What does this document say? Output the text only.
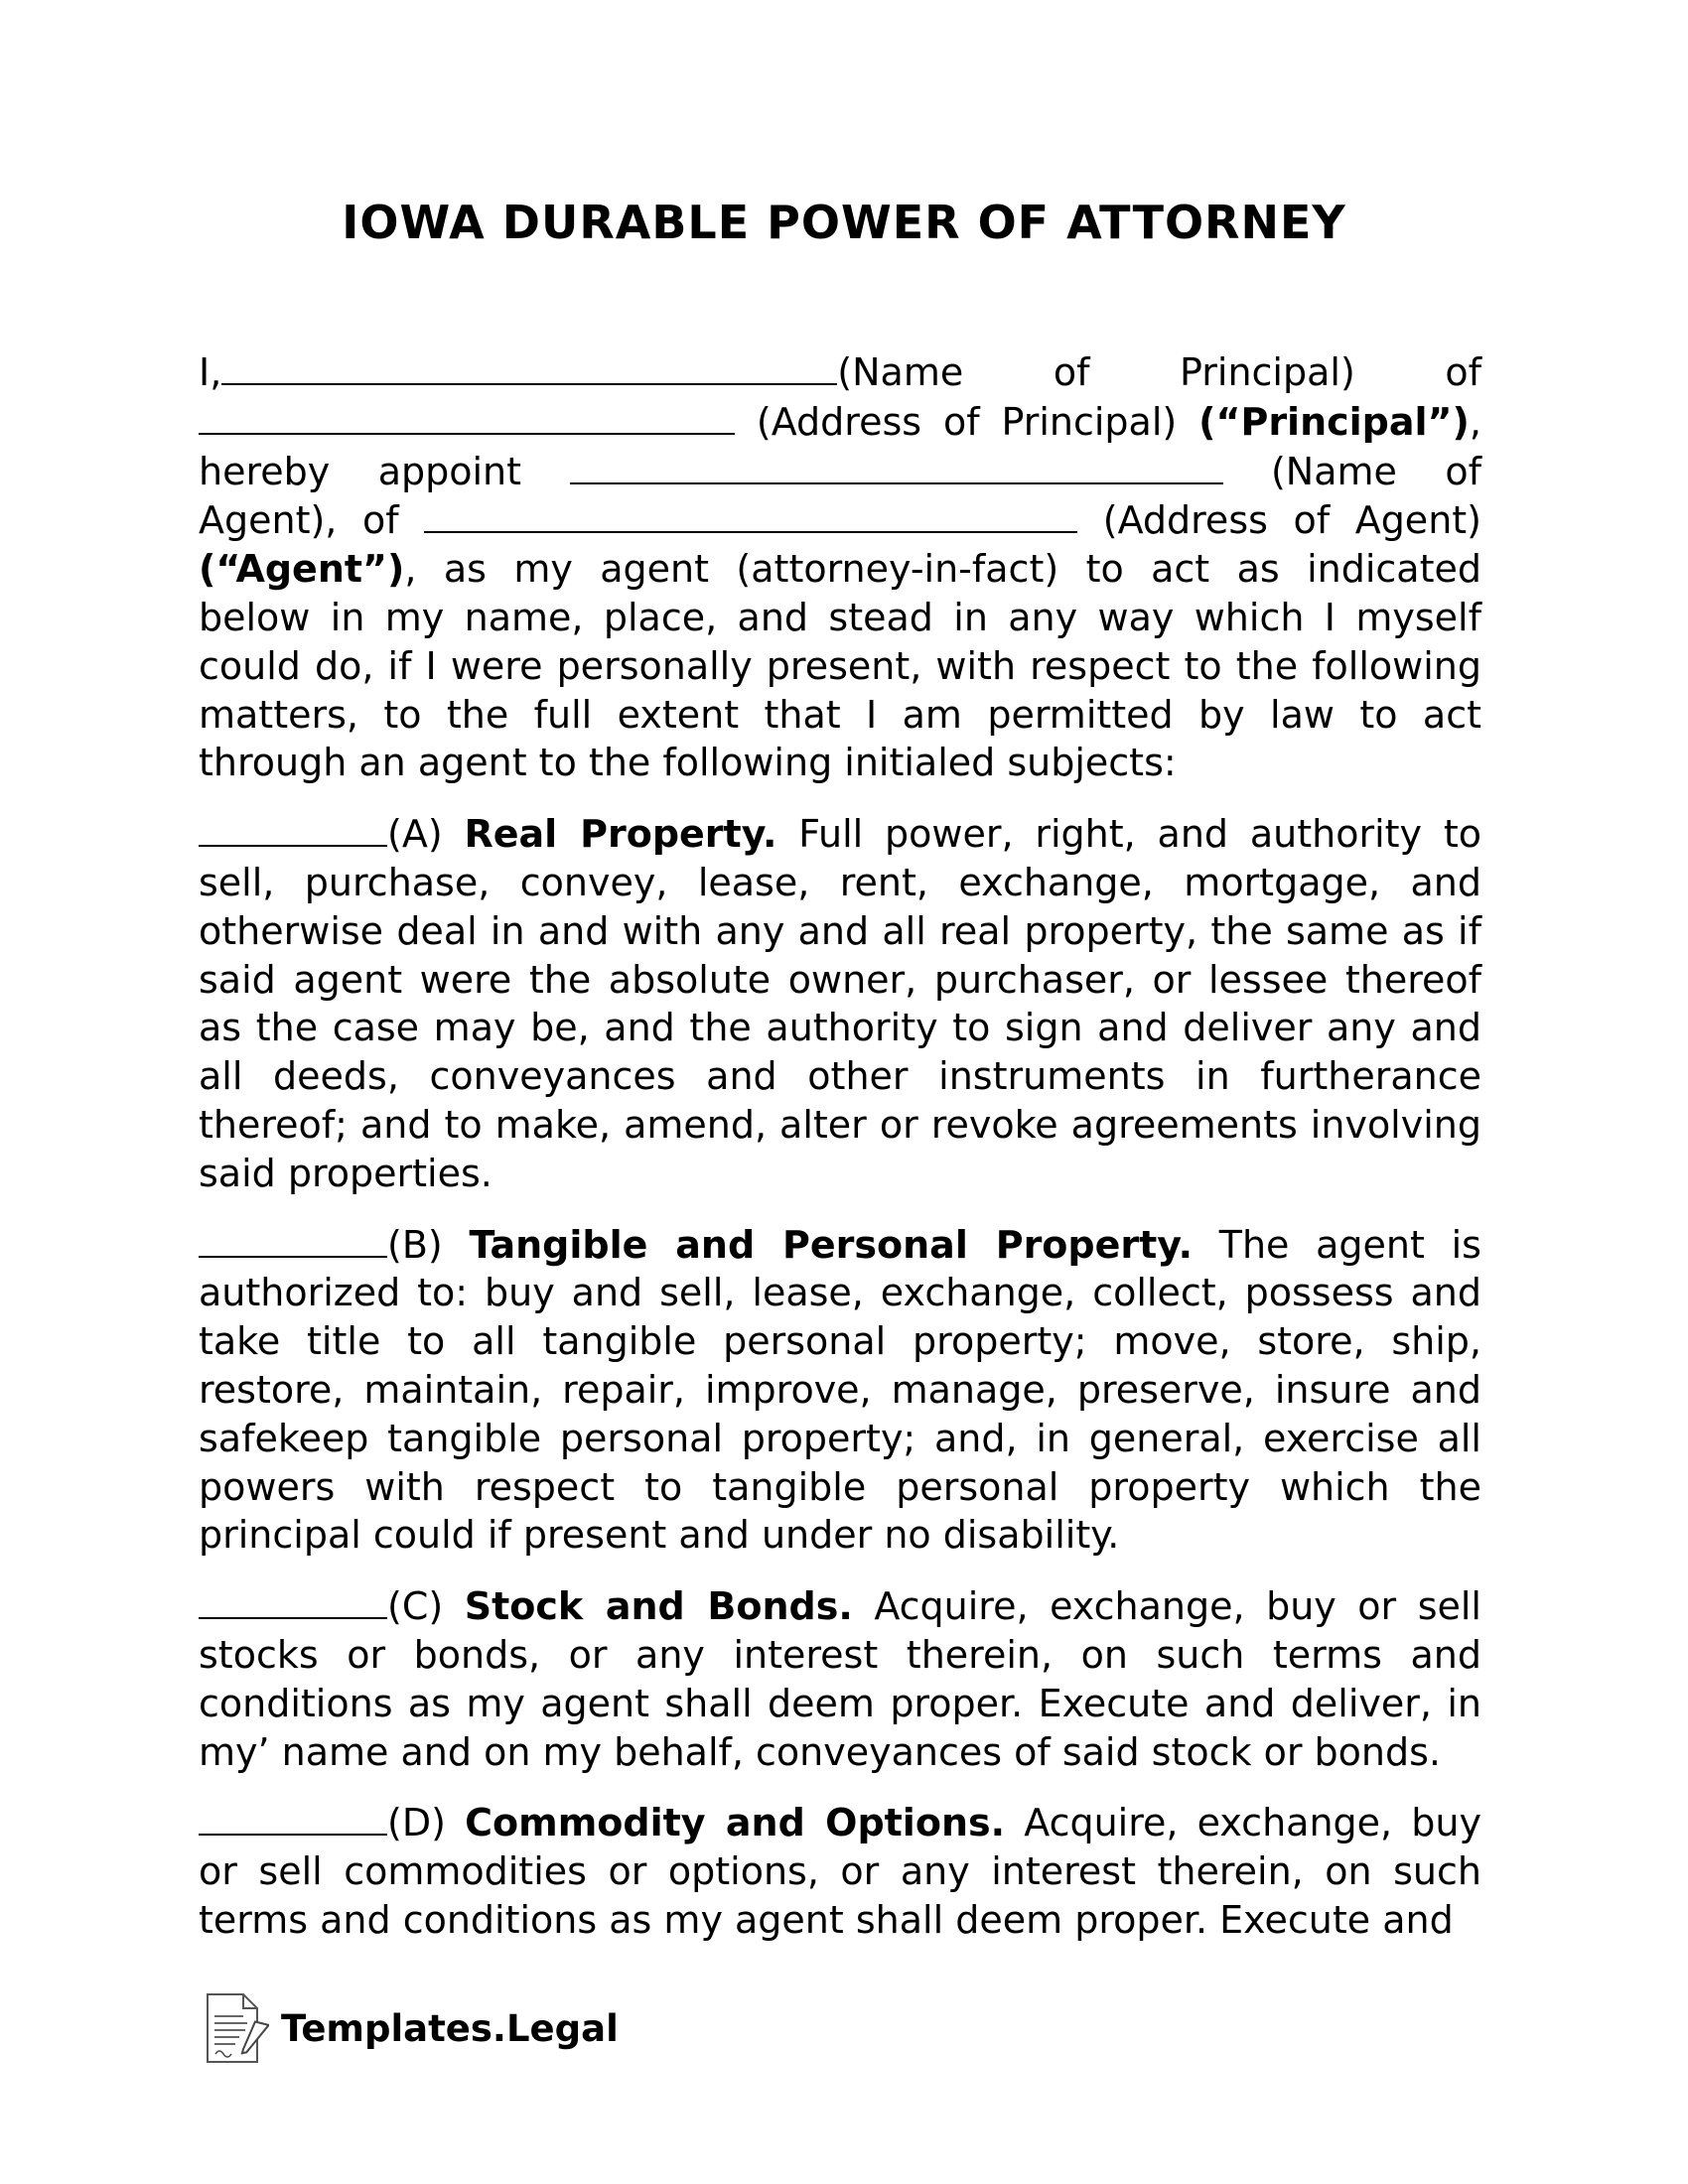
IOWA DURABLE POWER OF ATTORNEY

I,	(Name of Principal) of  (Address of Principal) (“Principal”), hereby appoint	(Name of Agent), of	(Address of Agent) (“Agent”), as my agent (attorney-in-fact) to act as indicated below in my name, place, and stead in any way which I myself could do, if I were personally present, with respect to the following matters, to the full extent that I am permitted by law to act through an agent to the following initialed subjects:

(A) Real Property. Full power, right, and authority to sell, purchase, convey, lease, rent, exchange, mortgage, and otherwise deal in and with any and all real property, the same as if said agent were the absolute owner, purchaser, or lessee thereof as the case may be, and the authority to sign and deliver any and all deeds, conveyances and other instruments in furtherance thereof; and to make, amend, alter or revoke agreements involving said properties.

(B) Tangible and Personal Property. The agent is authorized to: buy and sell, lease, exchange, collect, possess and take title to all tangible personal property; move, store, ship, restore, maintain, repair, improve, manage, preserve, insure and safekeep tangible personal property; and, in general, exercise all powers with respect to tangible personal property which the principal could if present and under no disability.

(C) Stock and Bonds. Acquire, exchange, buy or sell stocks or bonds, or any interest therein, on such terms and conditions as my agent shall deem proper. Execute and deliver, in my’ name and on my behalf, conveyances of said stock or bonds.

(D) Commodity and Options. Acquire, exchange, buy or sell commodities or options, or any interest therein, on such terms and conditions as my agent shall deem proper. Execute and

Templates.Legal
